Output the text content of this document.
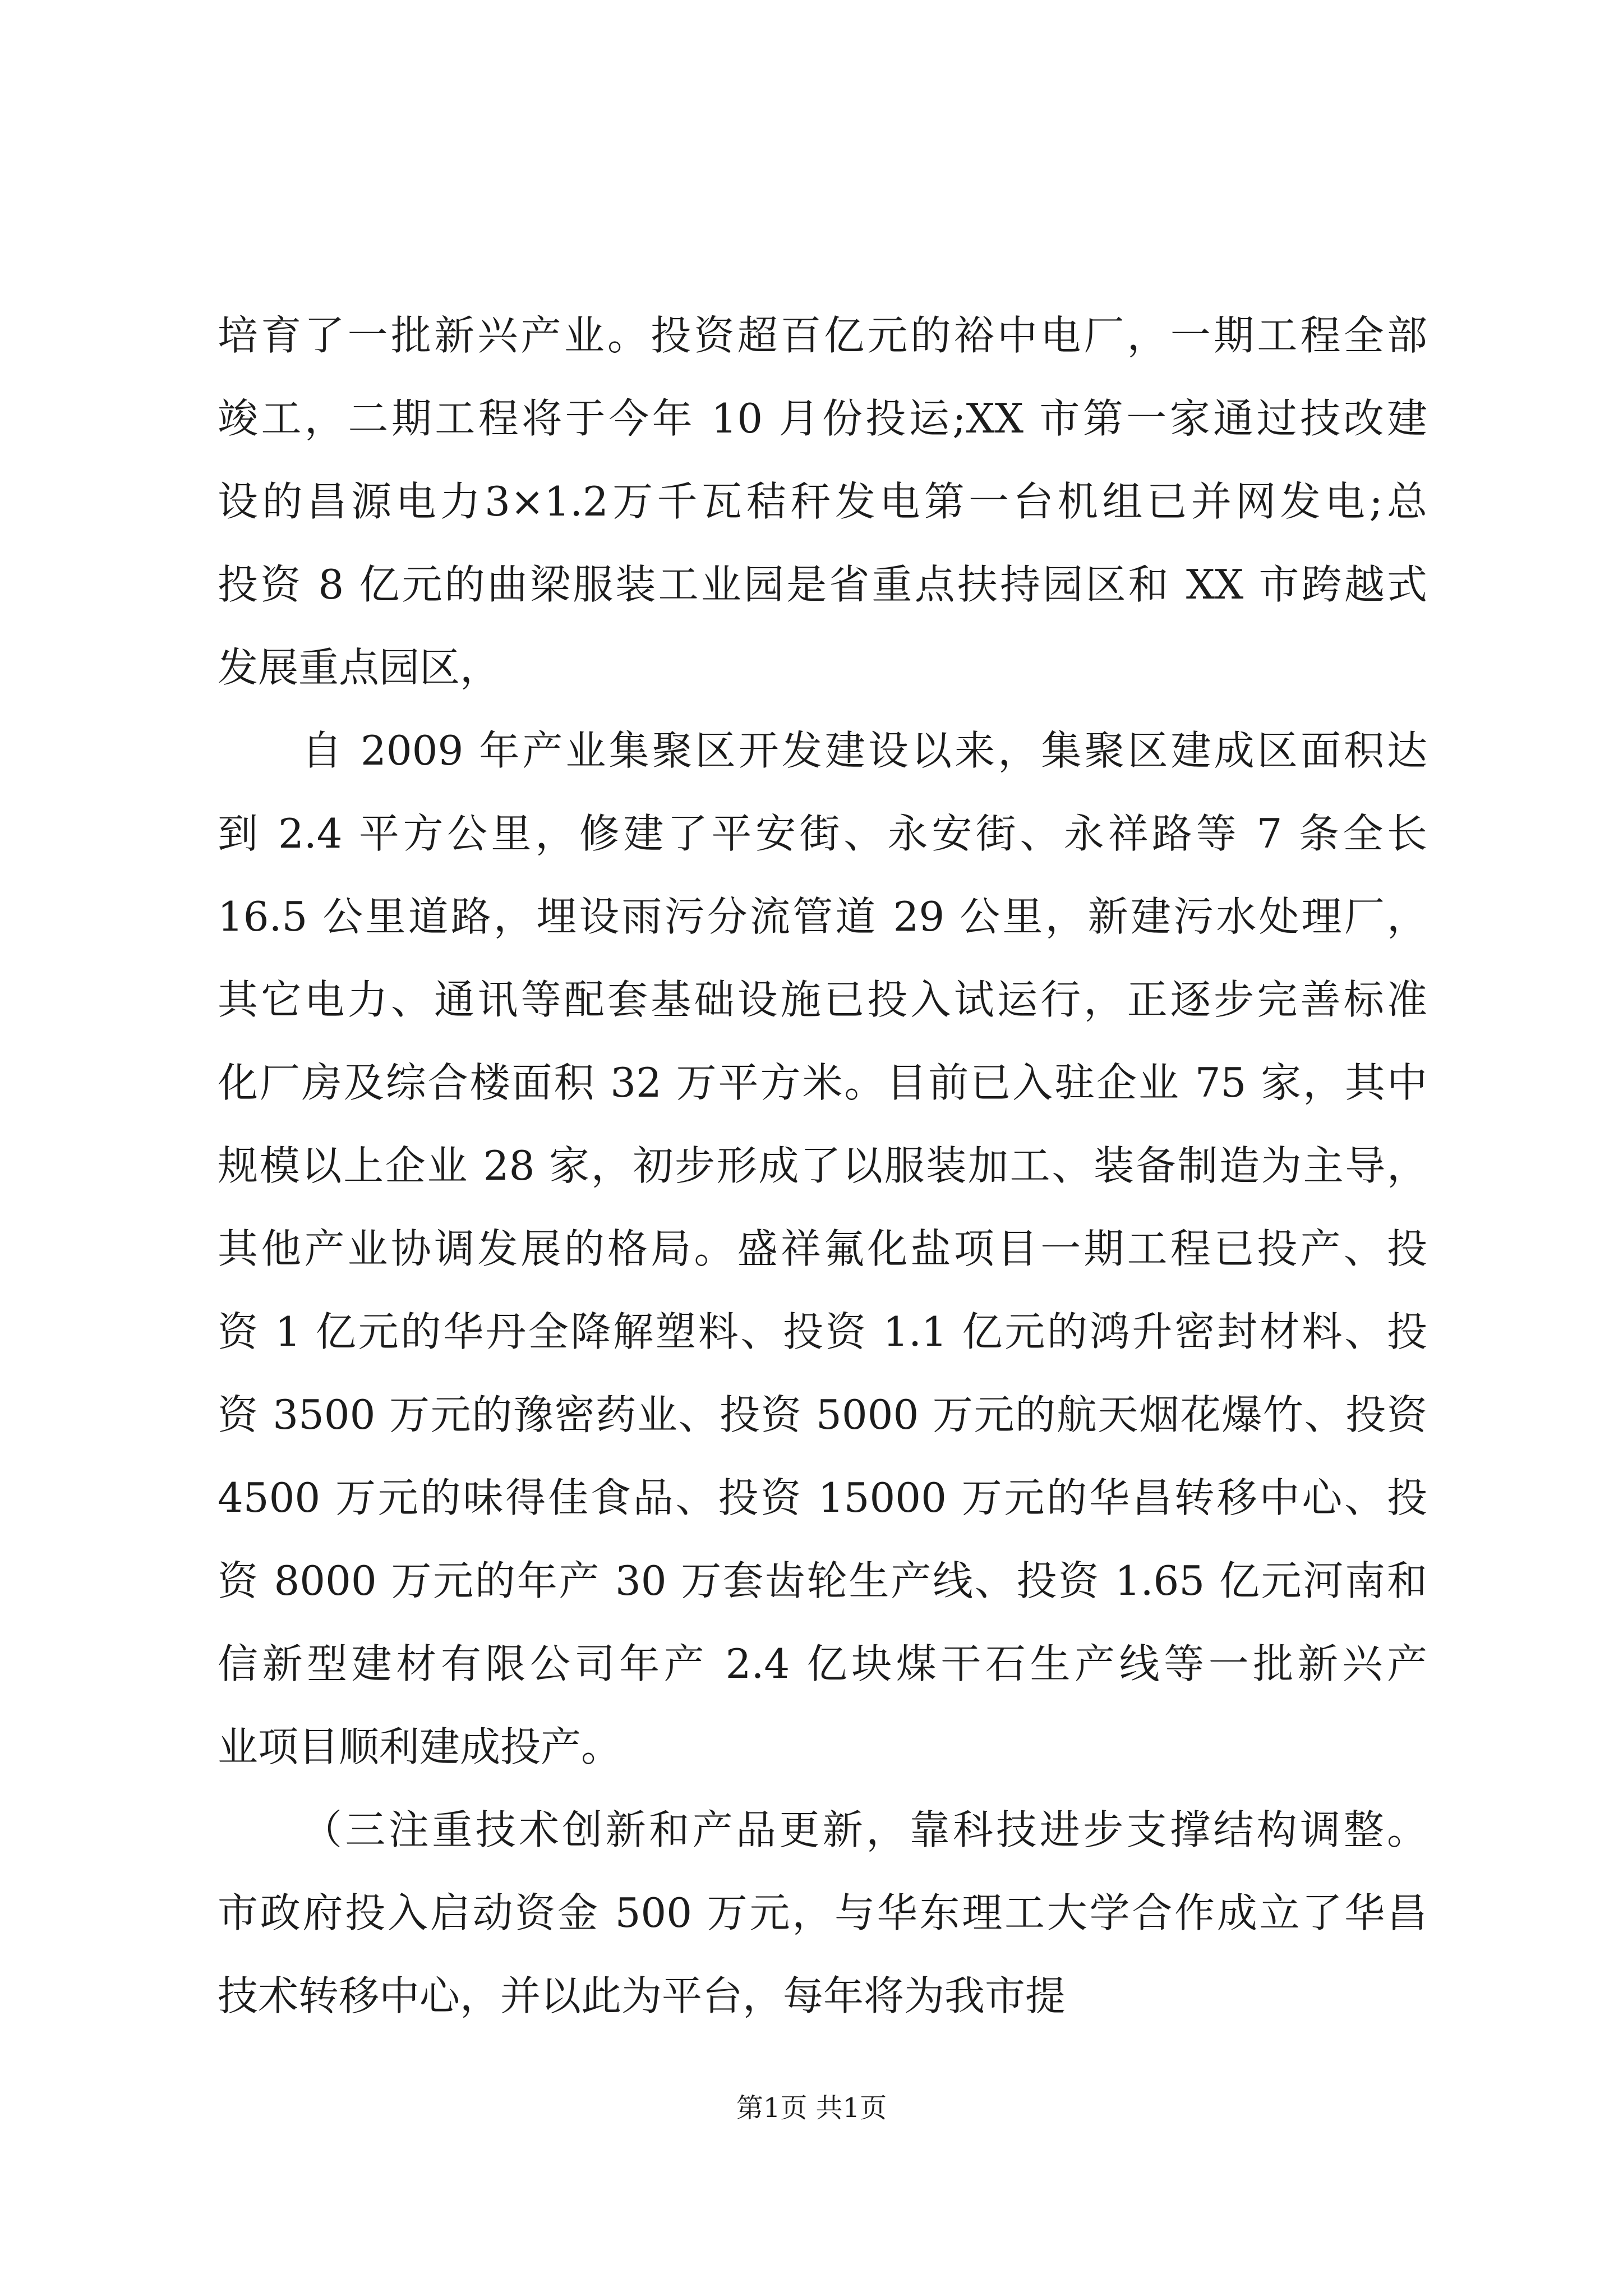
培育了一批新兴产业。投资超百亿元的裕中电厂，一期工程全部
竣工，二期工程将于今年 10 月份投运;XX 市第一家通过技改建
设的昌源电力3×1.2万千瓦秸秆发电第一台机组已并网发电;总
投资 8 亿元的曲梁服装工业园是省重点扶持园区和 XX 市跨越式
发展重点园区，
自 2009 年产业集聚区开发建设以来，集聚区建成区面积达
到 2.4 平方公里，修建了平安街、永安街、永祥路等 7 条全长
16.5 公里道路，埋设雨污分流管道 29 公里，新建污水处理厂，
其它电力、通讯等配套基础设施已投入试运行，正逐步完善标准
化厂房及综合楼面积 32 万平方米。目前已入驻企业 75 家，其中
规模以上企业 28 家，初步形成了以服装加工、装备制造为主导，
其他产业协调发展的格局。盛祥氟化盐项目一期工程已投产、投
资 1 亿元的华丹全降解塑料、投资 1.1 亿元的鸿升密封材料、投
资 3500 万元的豫密药业、投资 5000 万元的航天烟花爆竹、投资
4500 万元的味得佳食品、投资 15000 万元的华昌转移中心、投
资 8000 万元的年产 30 万套齿轮生产线、投资 1.65 亿元河南和
信新型建材有限公司年产 2.4 亿块煤干石生产线等一批新兴产
业项目顺利建成投产。
（三注重技术创新和产品更新，靠科技进步支撑结构调整。
市政府投入启动资金 500 万元，与华东理工大学合作成立了华昌
技术转移中心，并以此为平台，每年将为我市提
第1页 共1页
